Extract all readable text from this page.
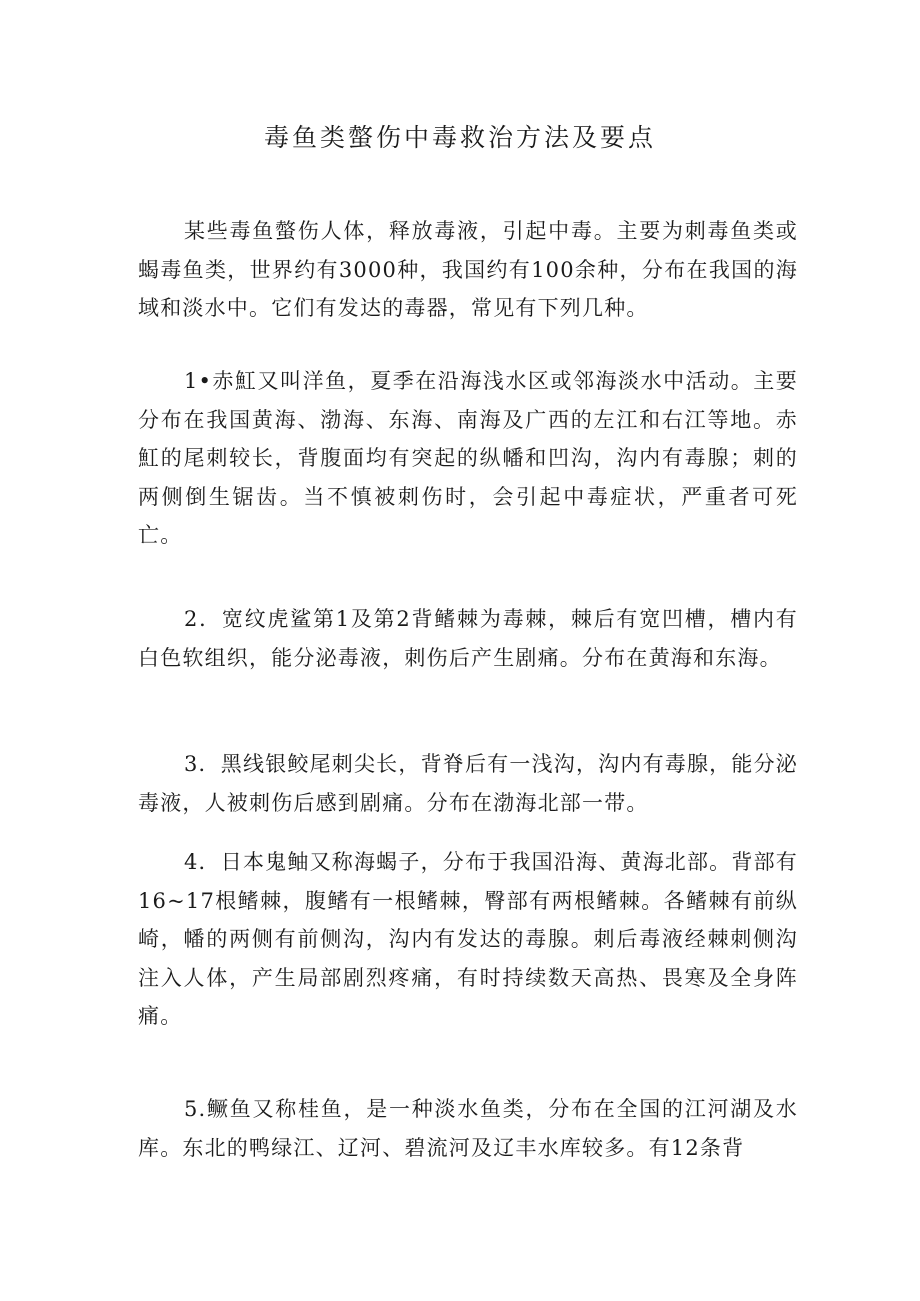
毒鱼类螫伤中毒救治方法及要点

某些毒鱼螫伤人体，释放毒液，引起中毒。主要为刺毒鱼类或蝎毒鱼类，世界约有3000种，我国约有100余种，分布在我国的海域和淡水中。它们有发达的毒器，常见有下列几种。

1•赤魟又叫洋鱼，夏季在沿海浅水区或邻海淡水中活动。主要分布在我国黄海、渤海、东海、南海及广西的左江和右江等地。赤魟的尾刺较长，背腹面均有突起的纵幡和凹沟，沟内有毒腺；刺的两侧倒生锯齿。当不慎被刺伤时，会引起中毒症状，严重者可死亡。

2．宽纹虎鲨第1及第2背鳍棘为毒棘，棘后有宽凹槽，槽内有白色软组织，能分泌毒液，刺伤后产生剧痛。分布在黄海和东海。

3．黑线银鲛尾刺尖长，背脊后有一浅沟，沟内有毒腺，能分泌毒液，人被刺伤后感到剧痛。分布在渤海北部一带。

4．日本鬼鲉又称海蝎子，分布于我国沿海、黄海北部。背部有16~17根鳍棘，腹鳍有一根鳍棘，臀部有两根鳍棘。各鳍棘有前纵崎，幡的两侧有前侧沟，沟内有发达的毒腺。刺后毒液经棘刺侧沟注入人体，产生局部剧烈疼痛，有时持续数天高热、畏寒及全身阵痛。

5.鳜鱼又称桂鱼，是一种淡水鱼类，分布在全国的江河湖及水库。东北的鸭绿江、辽河、碧流河及辽丰水库较多。有12条背
